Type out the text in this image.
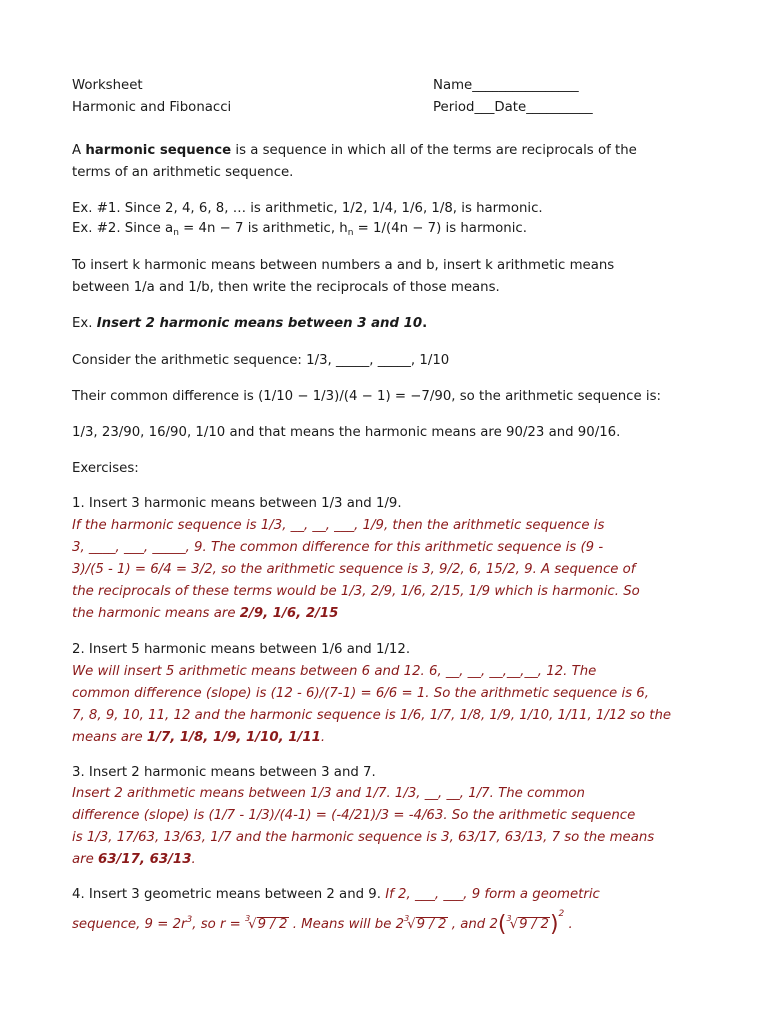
Worksheet
Harmonic and Fibonacci
Name________________
Period___Date__________
A harmonic sequence is a sequence in which all of the terms are reciprocals of the
terms of an arithmetic sequence.
Ex. #1. Since 2, 4, 6, 8, … is arithmetic, 1/2, 1/4, 1/6, 1/8, is harmonic.
Ex. #2. Since $a_n = 4n - 7$ is arithmetic, $h_n = 1/(4n - 7)$ is harmonic.
To insert k harmonic means between numbers a and b, insert k arithmetic means
between 1/a and 1/b, then write the reciprocals of those means.
Ex. Insert 2 harmonic means between 3 and 10.
Consider the arithmetic sequence: 1/3, _____, _____, 1/10
Their common difference is (1/10 − 1/3)/(4 − 1) = −7/90, so the arithmetic sequence is:
1/3, 23/90, 16/90, 1/10 and that means the harmonic means are 90/23 and 90/16.
Exercises:
1. Insert 3 harmonic means between 1/3 and 1/9.
If the harmonic sequence is 1/3, __, __, ___, 1/9, then the arithmetic sequence is
3, ____, ___, _____, 9. The common difference for this arithmetic sequence is (9 -
3)/(5 - 1) = 6/4 = 3/2, so the arithmetic sequence is 3, 9/2, 6, 15/2, 9. A sequence of
the reciprocals of these terms would be 1/3, 2/9, 1/6, 2/15, 1/9 which is harmonic. So
the harmonic means are 2/9, 1/6, 2/15
2. Insert 5 harmonic means between 1/6 and 1/12.
We will insert 5 arithmetic means between 6 and 12. 6, __, __, __,__,__, 12. The
common difference (slope) is (12 - 6)/(7-1) = 6/6 = 1. So the arithmetic sequence is 6,
7, 8, 9, 10, 11, 12 and the harmonic sequence is 1/6, 1/7, 1/8, 1/9, 1/10, 1/11, 1/12 so the
means are 1/7, 1/8, 1/9, 1/10, 1/11.
3. Insert 2 harmonic means between 3 and 7.
Insert 2 arithmetic means between 1/3 and 1/7. 1/3, __, __, 1/7. The common
difference (slope) is (1/7 - 1/3)/(4-1) = (-4/21)/3 = -4/63. So the arithmetic sequence
is 1/3, 17/63, 13/63, 1/7 and the harmonic sequence is 3, 63/17, 63/13, 7 so the means
are 63/17, 63/13.
4. Insert 3 geometric means between 2 and 9. If 2, ___, ___, 9 form a geometric
sequence, $9 = 2r^3$, so r = $^3$√9 / 2 . Means will be $2^3√9 / 2$ , and 2($^3$√9 / 2)$^2$ .
